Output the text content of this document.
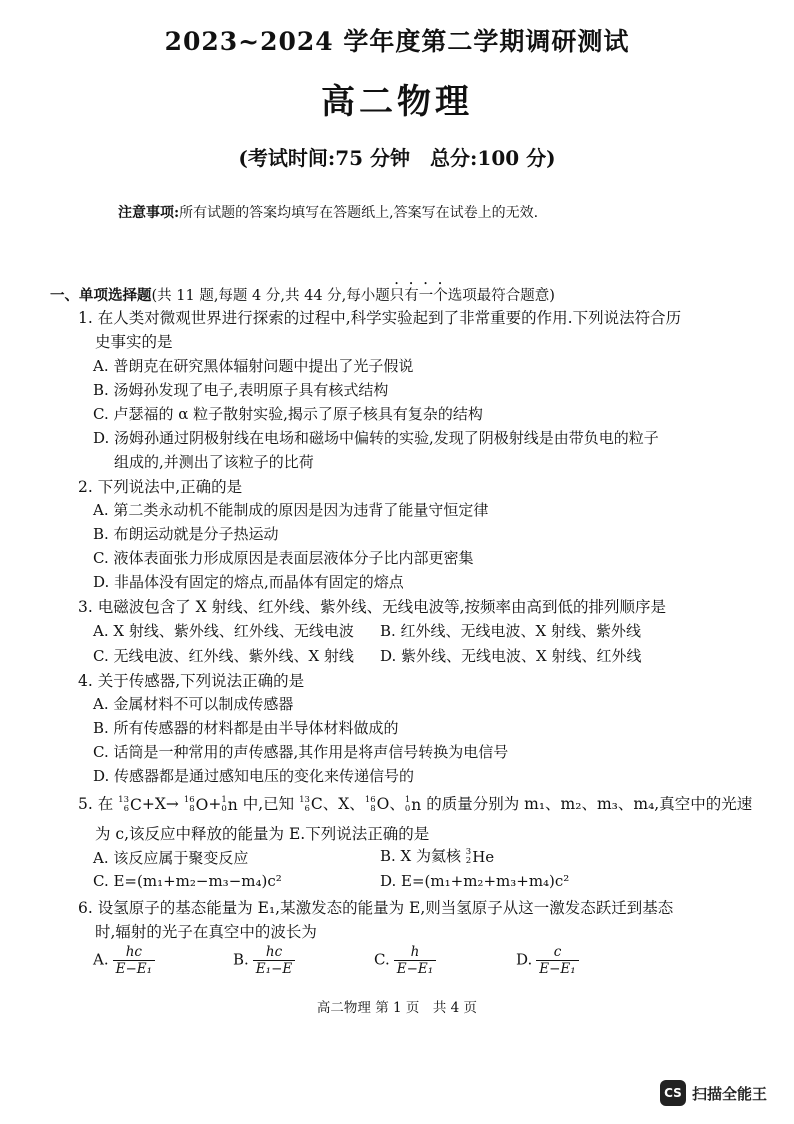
2023~2024 学年度第二学期调研测试
高二物理
(考试时间:75 分钟　总分:100 分)
注意事项:所有试题的答案均填写在答题纸上,答案写在试卷上的无效.
一、单项选择题(共 11 题,每题 4 分,共 44 分,每小题只有一个选项最符合题意)
1. 在人类对微观世界进行探索的过程中,科学实验起到了非常重要的作用.下列说法符合历
史事实的是
A. 普朗克在研究黑体辐射问题中提出了光子假说
B. 汤姆孙发现了电子,表明原子具有核式结构
C. 卢瑟福的 α 粒子散射实验,揭示了原子核具有复杂的结构
D. 汤姆孙通过阴极射线在电场和磁场中偏转的实验,发现了阴极射线是由带负电的粒子
组成的,并测出了该粒子的比荷
2. 下列说法中,正确的是
A. 第二类永动机不能制成的原因是因为违背了能量守恒定律
B. 布朗运动就是分子热运动
C. 液体表面张力形成原因是表面层液体分子比内部更密集
D. 非晶体没有固定的熔点,而晶体有固定的熔点
3. 电磁波包含了 X 射线、红外线、紫外线、无线电波等,按频率由高到低的排列顺序是
A. X 射线、紫外线、红外线、无线电波 B. 红外线、无线电波、X 射线、紫外线
C. 无线电波、红外线、紫外线、X 射线 D. 紫外线、无线电波、X 射线、红外线
4. 关于传感器,下列说法正确的是
A. 金属材料不可以制成传感器
B. 所有传感器的材料都是由半导体材料做成的
C. 话筒是一种常用的声传感器,其作用是将声信号转换为电信号
D. 传感器都是通过感知电压的变化来传递信号的
5. 在 13
6 C +X→ 16
8 O + 1
0 n 中,已知 13
6 C、X、 16
8 O、 1
0 n 的质量分别为 m₁、m₂、m₃、m₄,真空中的光速
为 c,该反应中释放的能量为 E.下列说法正确的是
A. 该反应属于聚变反应	B. X 为氦核 3
2 He
C. E=(m₁+m₂−m₃−m₄)c²	D. E=(m₁+m₂+m₃+m₄)c²
6. 设氢原子的基态能量为 E₁,某激发态的能量为 E,则当氢原子从这一激发态跃迁到基态
时,辐射的光子在真空中的波长为
A. $\frac{hc}{\text{E−E₁}}$	B. $\frac{hc}{\text{E₁−E}}$	C. $\frac{h}{\text{E−E₁}}$	D. $\frac{c}{\text{E−E₁}}$
高二物理 第 1 页　共 4 页
CS 扫描全能王
